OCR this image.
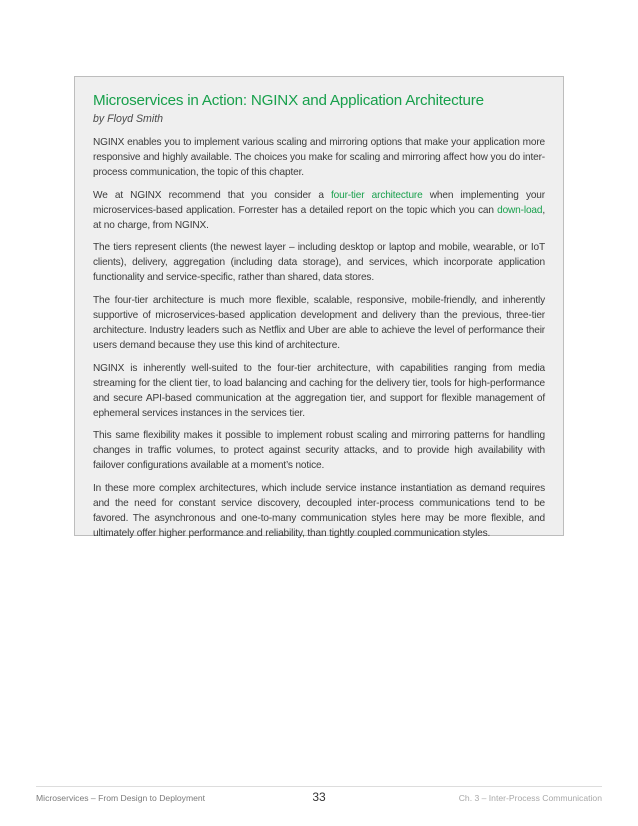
Microservices in Action: NGINX and Application Architecture
by Floyd Smith

NGINX enables you to implement various scaling and mirroring options that make your application more responsive and highly available. The choices you make for scaling and mirroring affect how you do inter-process communication, the topic of this chapter.

We at NGINX recommend that you consider a four-tier architecture when implementing your microservices-based application. Forrester has a detailed report on the topic which you can down-load, at no charge, from NGINX.

The tiers represent clients (the newest layer – including desktop or laptop and mobile, wearable, or IoT clients), delivery, aggregation (including data storage), and services, which incorporate application functionality and service-specific, rather than shared, data stores.

The four-tier architecture is much more flexible, scalable, responsive, mobile-friendly, and inherently supportive of microservices-based application development and delivery than the previous, three-tier architecture. Industry leaders such as Netflix and Uber are able to achieve the level of performance their users demand because they use this kind of architecture.

NGINX is inherently well-suited to the four-tier architecture, with capabilities ranging from media streaming for the client tier, to load balancing and caching for the delivery tier, tools for high-performance and secure API-based communication at the aggregation tier, and support for flexible management of ephemeral services instances in the services tier.

This same flexibility makes it possible to implement robust scaling and mirroring patterns for handling changes in traffic volumes, to protect against security attacks, and to provide high availability with failover configurations available at a moment’s notice.

In these more complex architectures, which include service instance instantiation as demand requires and the need for constant service discovery, decoupled inter-process communications tend to be favored. The asynchronous and one-to-many communication styles here may be more flexible, and ultimately offer higher performance and reliability, than tightly coupled communication styles.

Microservices – From Design to Deployment	33	Ch. 3 – Inter-Process Communication
